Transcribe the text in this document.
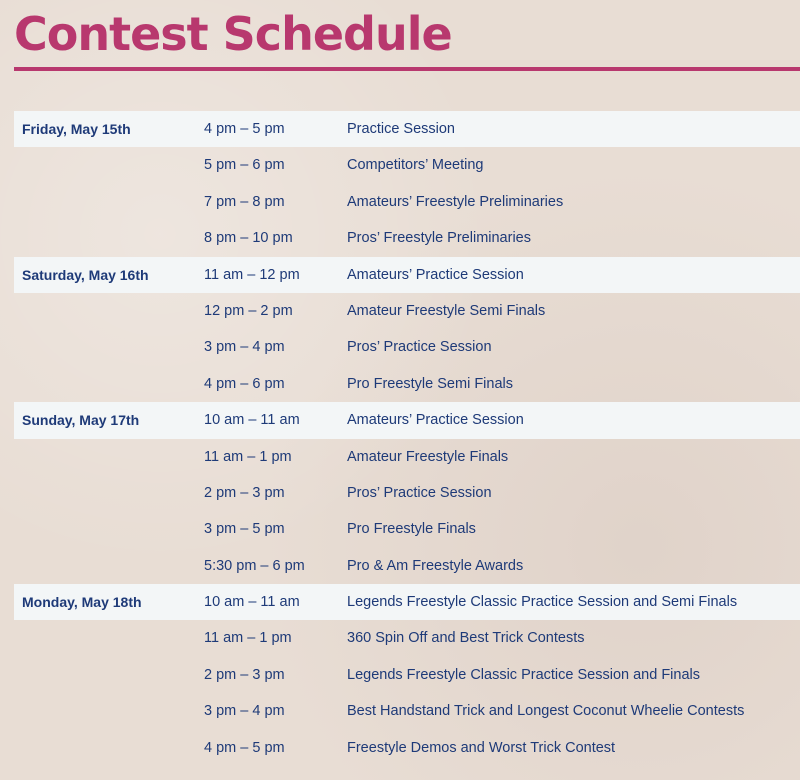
Contest Schedule
Friday, May 15th	4 pm – 5 pm	Practice Session
5 pm – 6 pm	Competitors’ Meeting
7 pm – 8 pm	Amateurs’ Freestyle Preliminaries
8 pm – 10 pm	Pros’ Freestyle Preliminaries
Saturday, May 16th	11 am – 12 pm	Amateurs’ Practice Session
12 pm – 2 pm	Amateur Freestyle Semi Finals
3 pm – 4 pm	Pros’ Practice Session
4 pm – 6 pm	Pro Freestyle Semi Finals
Sunday, May 17th	10 am – 11 am	Amateurs’ Practice Session
11 am – 1 pm	Amateur Freestyle Finals
2 pm – 3 pm	Pros’ Practice Session
3 pm – 5 pm	Pro Freestyle Finals
5:30 pm – 6 pm	Pro & Am Freestyle Awards
Monday, May 18th	10 am – 11 am	Legends Freestyle Classic Practice Session and Semi Finals
11 am – 1 pm	360 Spin Off and Best Trick Contests
2 pm – 3 pm	Legends Freestyle Classic Practice Session and Finals
3 pm – 4 pm	Best Handstand Trick and Longest Coconut Wheelie Contests
4 pm – 5 pm	Freestyle Demos and Worst Trick Contest
